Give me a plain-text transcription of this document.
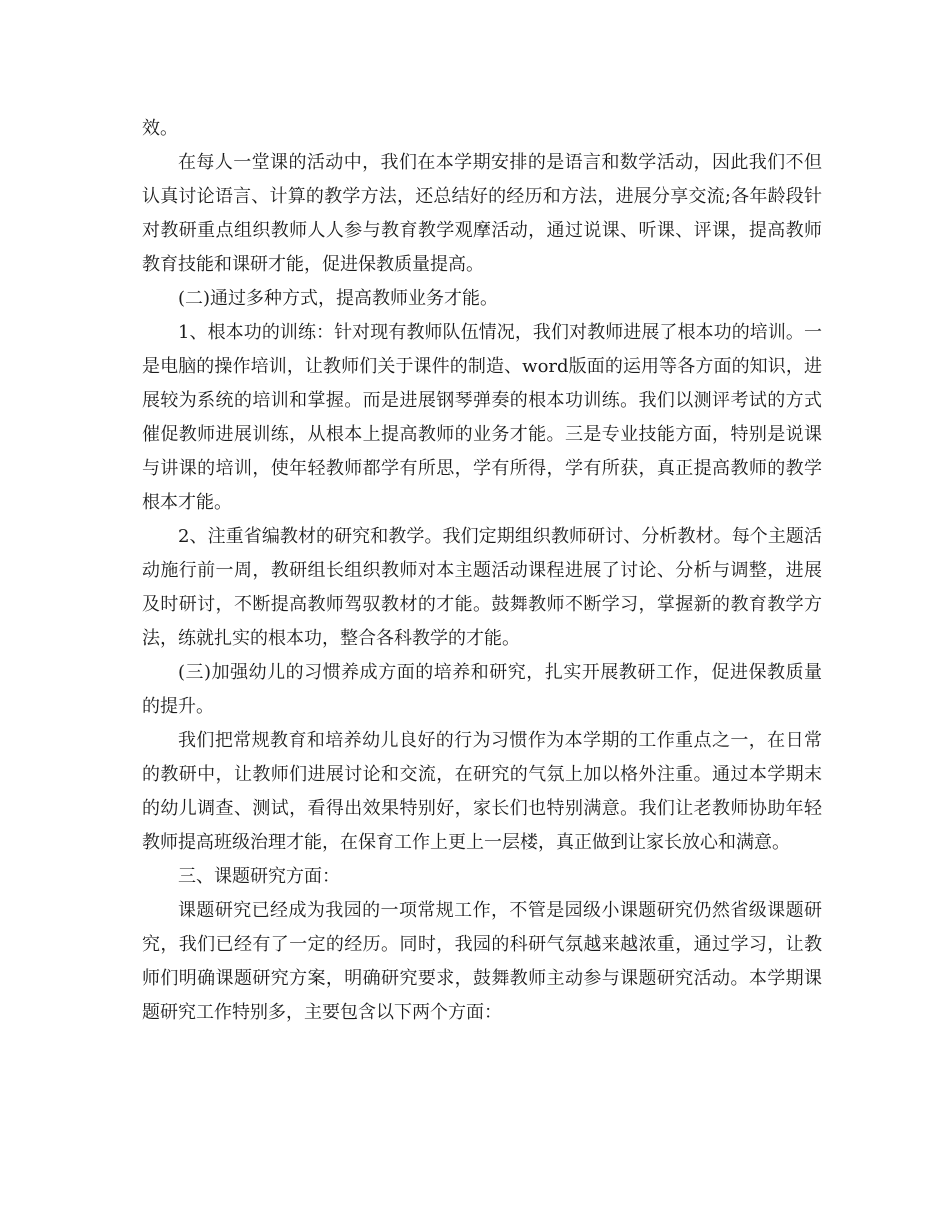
效。

在每人一堂课的活动中，我们在本学期安排的是语言和数学活动，因此我们不但认真讨论语言、计算的教学方法，还总结好的经历和方法，进展分享交流;各年龄段针对教研重点组织教师人人参与教育教学观摩活动，通过说课、听课、评课，提高教师教育技能和课研才能，促进保教质量提高。

(二)通过多种方式，提高教师业务才能。

1、根本功的训练：针对现有教师队伍情况，我们对教师进展了根本功的培训。一是电脑的操作培训，让教师们关于课件的制造、word版面的运用等各方面的知识，进展较为系统的培训和掌握。而是进展钢琴弹奏的根本功训练。我们以测评考试的方式催促教师进展训练，从根本上提高教师的业务才能。三是专业技能方面，特别是说课与讲课的培训，使年轻教师都学有所思，学有所得，学有所获，真正提高教师的教学根本才能。

2、注重省编教材的研究和教学。我们定期组织教师研讨、分析教材。每个主题活动施行前一周，教研组长组织教师对本主题活动课程进展了讨论、分析与调整，进展及时研讨，不断提高教师驾驭教材的才能。鼓舞教师不断学习，掌握新的教育教学方法，练就扎实的根本功，整合各科教学的才能。

(三)加强幼儿的习惯养成方面的培养和研究，扎实开展教研工作，促进保教质量的提升。

我们把常规教育和培养幼儿良好的行为习惯作为本学期的工作重点之一，在日常的教研中，让教师们进展讨论和交流，在研究的气氛上加以格外注重。通过本学期末的幼儿调查、测试，看得出效果特别好，家长们也特别满意。我们让老教师协助年轻教师提高班级治理才能，在保育工作上更上一层楼，真正做到让家长放心和满意。

三、课题研究方面：

课题研究已经成为我园的一项常规工作，不管是园级小课题研究仍然省级课题研究，我们已经有了一定的经历。同时，我园的科研气氛越来越浓重，通过学习，让教师们明确课题研究方案，明确研究要求，鼓舞教师主动参与课题研究活动。本学期课题研究工作特别多，主要包含以下两个方面：
